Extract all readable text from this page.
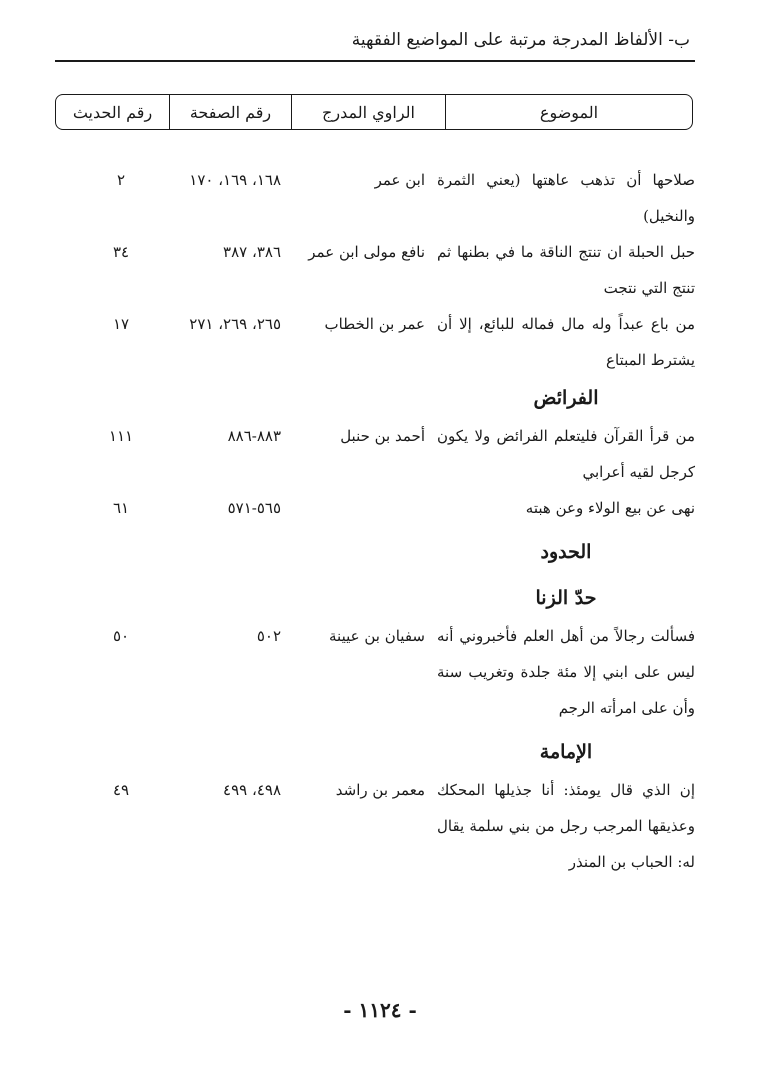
ب- الألفاظ المدرجة مرتبة على المواضيع الفقهية
الموضوع
الراوي المدرج
رقم الصفحة
رقم الحديث
صلاحها أن تذهب عاهتها (يعني الثمرة والنخيل)
ابن عمر
١٦٨، ١٦٩، ١٧٠
٢
حبل الحبلة ان تنتج الناقة ما في بطنها ثم تنتج التي نتجت
نافع مولى ابن عمر
٣٨٦، ٣٨٧
٣٤
من باع عبداً وله مال فماله للبائع، إلا أن يشترط المبتاع
عمر بن الخطاب
٢٦٥، ٢٦٩، ٢٧١
١٧
الفرائض
من قرأ القرآن فليتعلم الفرائض ولا يكون كرجل لقيه أعرابي
أحمد بن حنبل
٨٨٣-٨٨٦
١١١
نهى عن بيع الولاء وعن هبته
٥٦٥-٥٧١
٦١
الحدود
حدّ الزنا
فسألت رجالاً من أهل العلم فأخبروني أنه ليس على ابني إلا مئة جلدة وتغريب سنة وأن على امرأته الرجم
سفيان بن عيينة
٥٠٢
٥٠
الإمامة
إن الذي قال يومئذ: أنا جذيلها المحكك وعذيقها المرجب رجل من بني سلمة يقال له: الحباب بن المنذر
معمر بن راشد
٤٩٨، ٤٩٩
٤٩
- ١١٢٤ -
